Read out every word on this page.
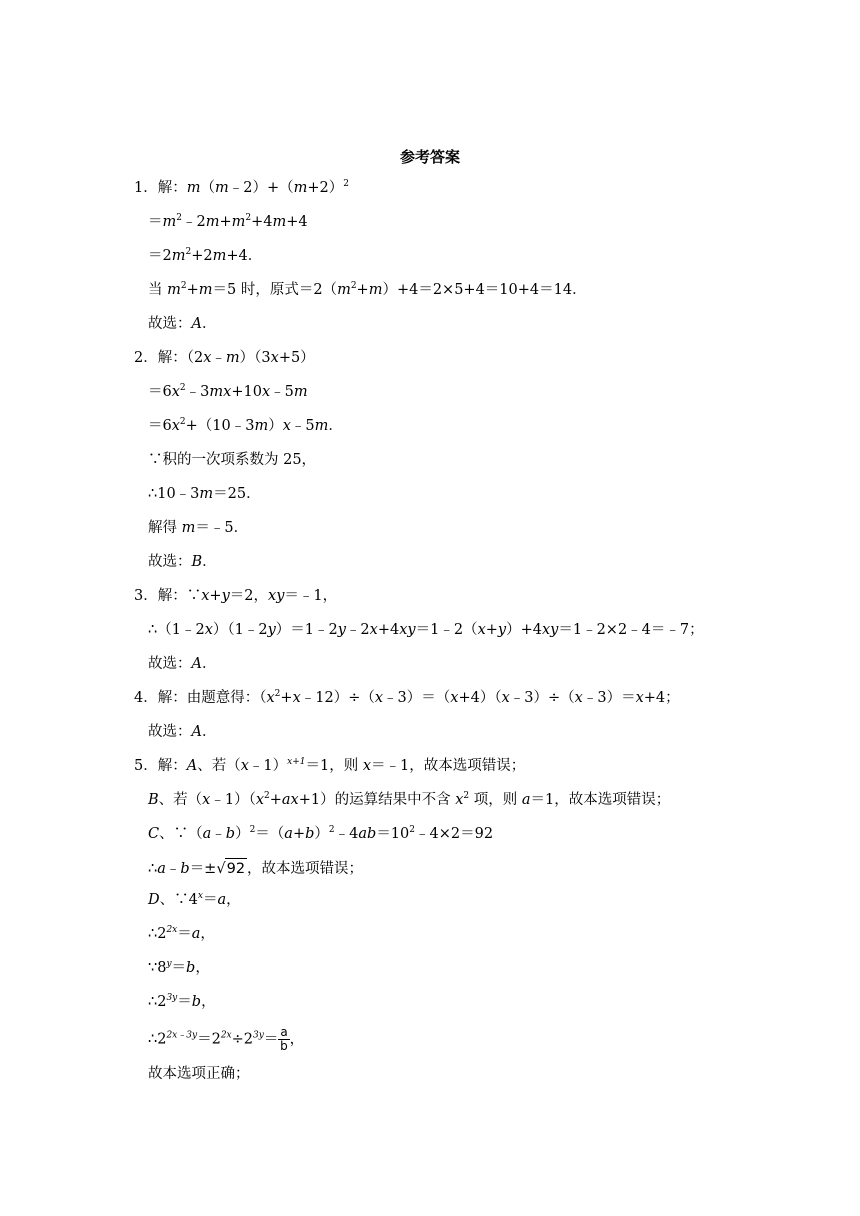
参考答案
1．解：$m(m﹣2)+(m+2)^2$
$=m^2﹣2m+m^2+4m+4$
$=2m^2+2m+4$．
当 $m^2+m=5$ 时，原式$=2(m^2+m)+4=2\times 5+4=10+4=14$．
故选：A．
2．解：（2x﹣m）（3x+5）
$=6x^2﹣3mx+10x﹣5m$
$=6x^2+(10﹣3m)x﹣5m$．
∵积的一次项系数为 25，
∴10﹣3m＝25．
解得 m＝﹣5．
故选：B．
3．解：∵x+y＝2，xy＝﹣1，
∴（1﹣2x）（1﹣2y）＝1﹣2y﹣2x+4xy＝1﹣2（x+y）+4xy＝1﹣2×2﹣4＝﹣7；
故选：A．
4．解：由题意得：$(x^2+x﹣12)\div(x﹣3)=(x+4)(x﹣3)\div(x﹣3)=x+4$；
故选：A．
5．解：A、若（x﹣1）$^{x+1}$＝1，则 x＝﹣1，故本选项错误；
B、若$(x﹣1)(x^2+ax+1)$的运算结果中不含 $x^2$ 项，则 a＝1，故本选项错误；
C、$\because(a﹣b)^2=(a+b)^2﹣4ab=10^2﹣4\times 2=92$
∴a﹣b＝±√92 ，故本选项错误；
D、$\because 4^x=a$，
$\therefore 2^{2x}=a$，
$\because 8^y=b$，
$\therefore 2^{3y}=b$，
$\therefore 2^{2x﹣3y}=2^{2x}\div 2^{3y}= \frac{a}{b}$ ，
故本选项正确；
